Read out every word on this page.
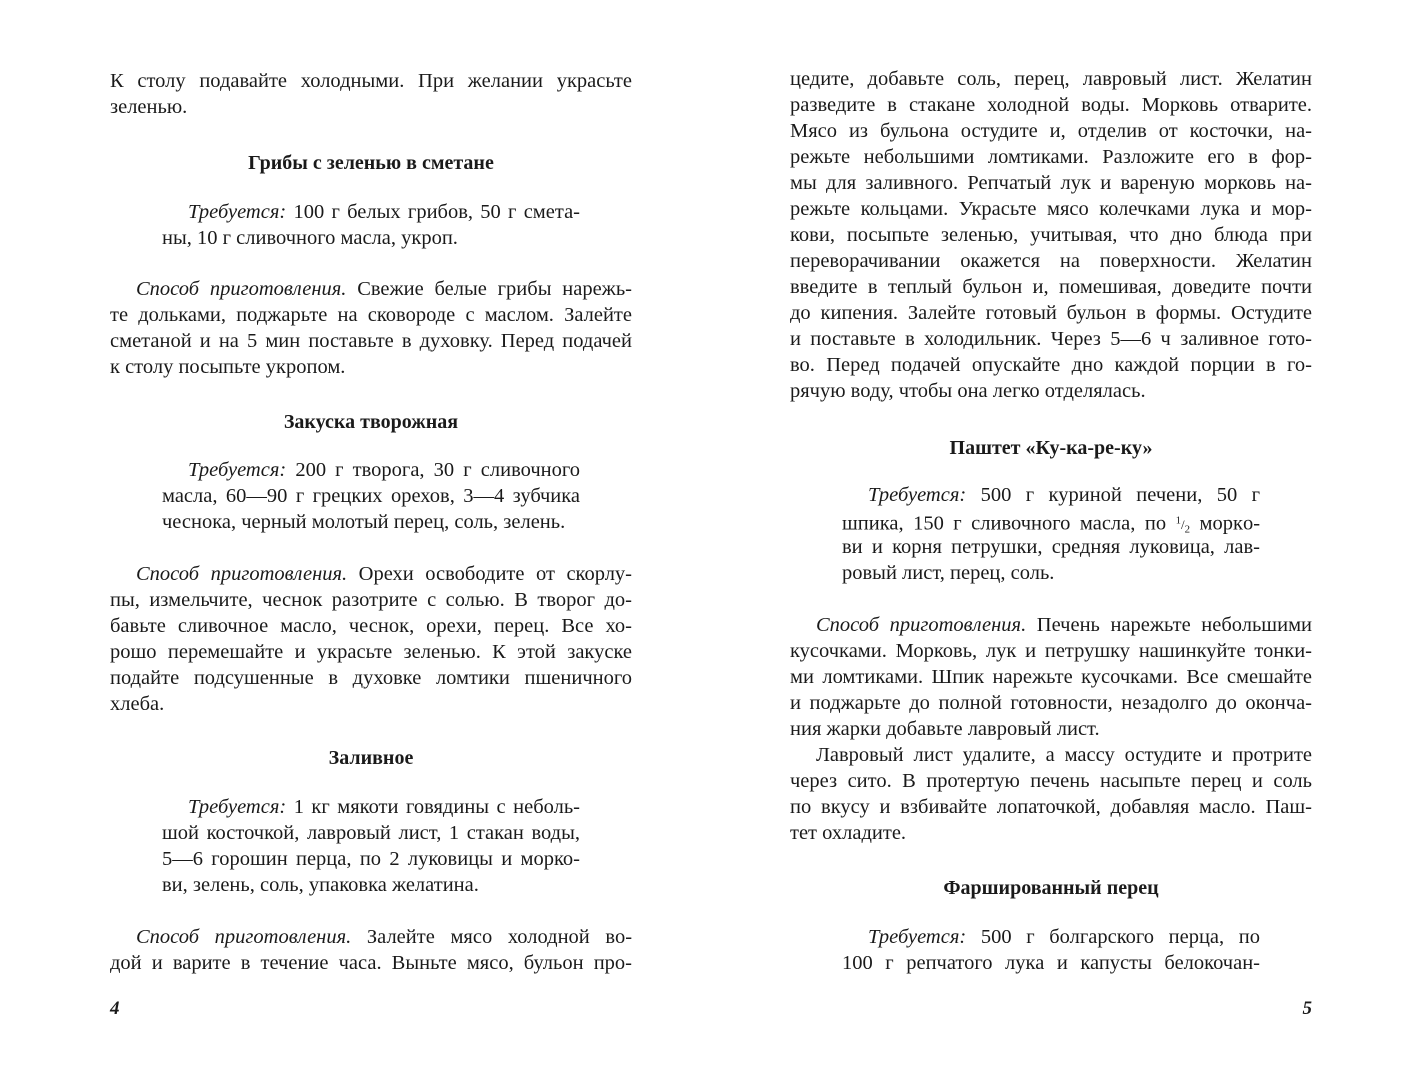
К столу подавайте холодными. При желании украсьте
зеленью.
Грибы с зеленью в сметане
Требуется: 100 г белых грибов, 50 г смета-
ны, 10 г сливочного масла, укроп.
Способ приготовления. Свежие белые грибы нарежь-
те дольками, поджарьте на сковороде с маслом. Залейте
сметаной и на 5 мин поставьте в духовку. Перед подачей
к столу посыпьте укропом.
Закуска творожная
Требуется: 200 г творога, 30 г сливочного
масла, 60—90 г грецких орехов, 3—4 зубчика
чеснока, черный молотый перец, соль, зелень.
Способ приготовления. Орехи освободите от скорлу-
пы, измельчите, чеснок разотрите с солью. В творог до-
бавьте сливочное масло, чеснок, орехи, перец. Все хо-
рошо перемешайте и украсьте зеленью. К этой закуске
подайте подсушенные в духовке ломтики пшеничного
хлеба.
Заливное
Требуется: 1 кг мякоти говядины с неболь-
шой косточкой, лавровый лист, 1 стакан воды,
5—6 горошин перца, по 2 луковицы и морко-
ви, зелень, соль, упаковка желатина.
Способ приготовления. Залейте мясо холодной во-
дой и варите в течение часа. Выньте мясо, бульон про-
4
цедите, добавьте соль, перец, лавровый лист. Желатин
разведите в стакане холодной воды. Морковь отварите.
Мясо из бульона остудите и, отделив от косточки, на-
режьте небольшими ломтиками. Разложите его в фор-
мы для заливного. Репчатый лук и вареную морковь на-
режьте кольцами. Украсьте мясо колечками лука и мор-
кови, посыпьте зеленью, учитывая, что дно блюда при
переворачивании окажется на поверхности. Желатин
введите в теплый бульон и, помешивая, доведите почти
до кипения. Залейте готовый бульон в формы. Остудите
и поставьте в холодильник. Через 5—6 ч заливное гото-
во. Перед подачей опускайте дно каждой порции в го-
рячую воду, чтобы она легко отделялась.
Паштет «Ку-ка-ре-ку»
Требуется: 500 г куриной печени, 50 г
шпика, 150 г сливочного масла, по $^1/_2$ моркo-
ви и корня петрушки, средняя луковица, лав-
ровый лист, перец, соль.
Способ приготовления. Печень нарежьте небольшими
кусочками. Морковь, лук и петрушку нашинкуйте тонки-
ми ломтиками. Шпик нарежьте кусочками. Все смешайте
и поджарьте до полной готовности, незадолго до оконча-
ния жарки добавьте лавровый лист.
Лавровый лист удалите, а массу остудите и протрите
через сито. В протертую печень насыпьте перец и соль
по вкусу и взбивайте лопаточкой, добавляя масло. Паш-
тет охладите.
Фаршированный перец
Требуется: 500 г болгарского перца, по
100 г репчатого лука и капусты белокочан-
5
